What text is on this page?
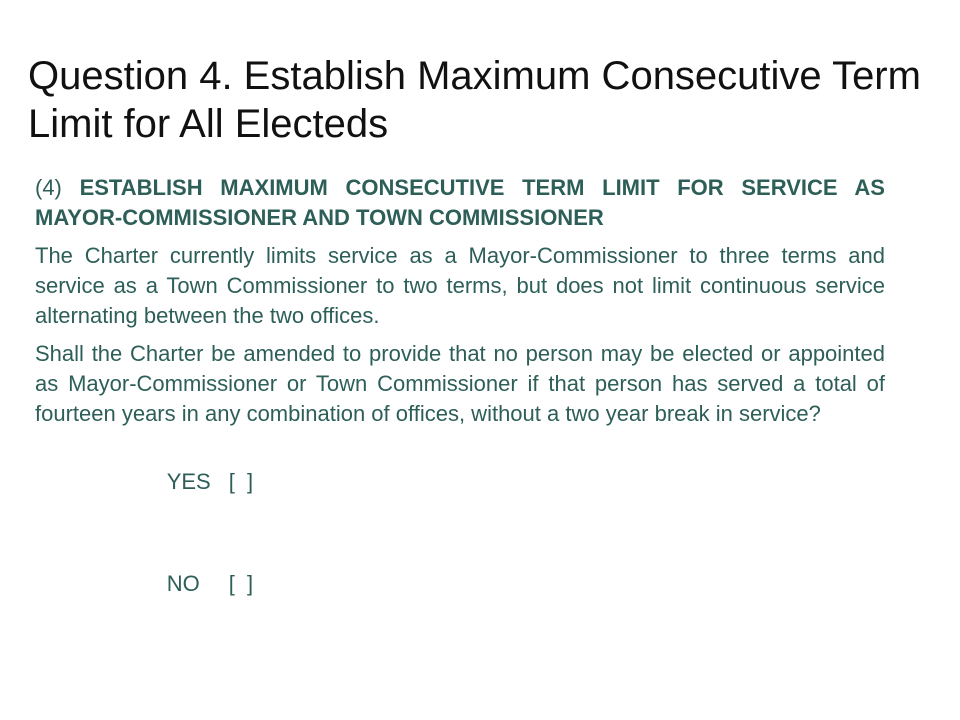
Question 4. Establish Maximum Consecutive Term Limit for All Electeds

(4) ESTABLISH MAXIMUM CONSECUTIVE TERM LIMIT FOR SERVICE AS MAYOR-COMMISSIONER AND TOWN COMMISSIONER

The Charter currently limits service as a Mayor-Commissioner to three terms and service as a Town Commissioner to two terms, but does not limit continuous service alternating between the two offices.

Shall the Charter be amended to provide that no person may be elected or appointed as Mayor-Commissioner or Town Commissioner if that person has served a total of fourteen years in any combination of offices, without a two year break in service?

YES [  ]

NO [  ]
